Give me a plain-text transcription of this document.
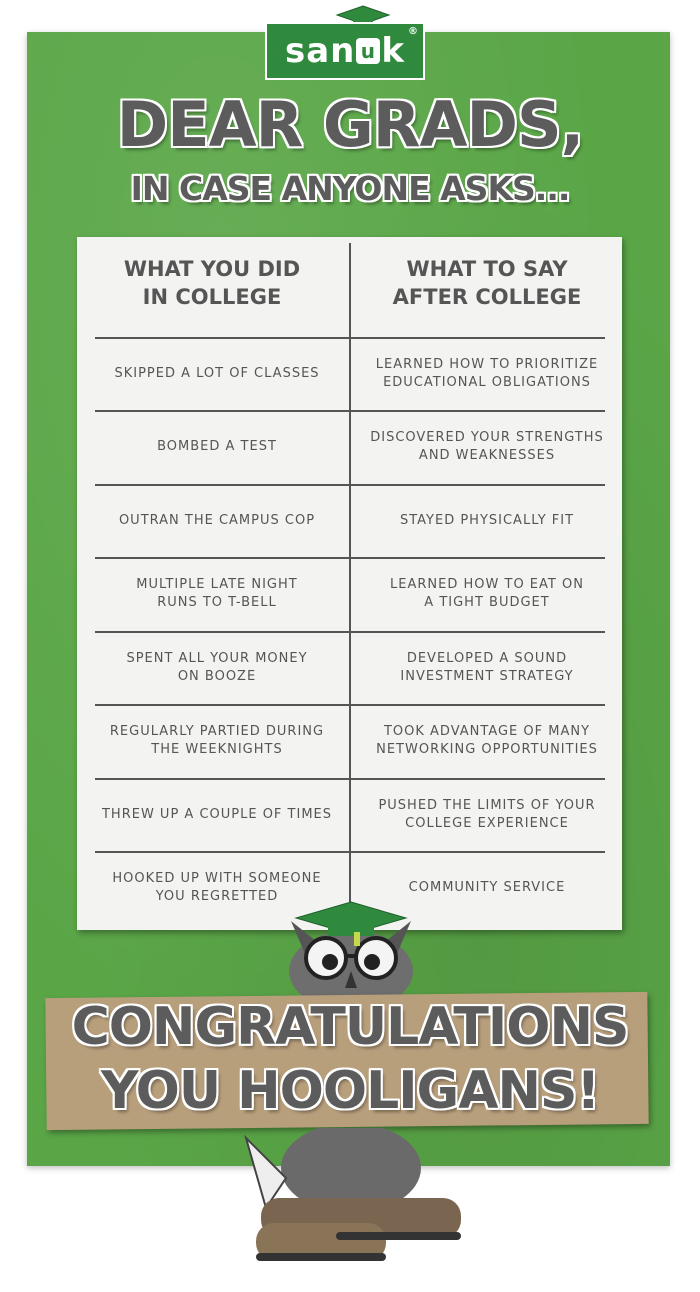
san u k ®
DEAR GRADS,
IN CASE ANYONE ASKS...
WHAT YOU DID
IN COLLEGE
WHAT TO SAY
AFTER COLLEGE
SKIPPED A LOT OF CLASSES
LEARNED HOW TO PRIORITIZE
EDUCATIONAL OBLIGATIONS
BOMBED A TEST
DISCOVERED YOUR STRENGTHS
AND WEAKNESSES
OUTRAN THE CAMPUS COP	STAYED PHYSICALLY FIT
MULTIPLE LATE NIGHT
RUNS TO T-BELL
LEARNED HOW TO EAT ON
A TIGHT BUDGET
SPENT ALL YOUR MONEY
ON BOOZE
DEVELOPED A SOUND
INVESTMENT STRATEGY
REGULARLY PARTIED DURING
THE WEEKNIGHTS
TOOK ADVANTAGE OF MANY
NETWORKING OPPORTUNITIES
THREW UP A COUPLE OF TIMES
PUSHED THE LIMITS OF YOUR
COLLEGE EXPERIENCE
HOOKED UP WITH SOMEONE
YOU REGRETTED
COMMUNITY SERVICE
CONGRATULATIONS
YOU HOOLIGANS!
